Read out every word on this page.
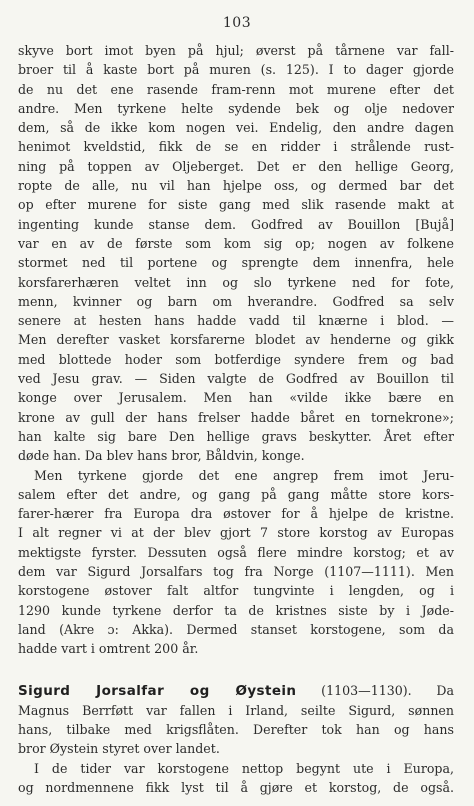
103
skyve bort imot byen på hjul; øverst på tårnene var fall-
broer til å kaste bort på muren (s. 125). I to dager gjorde
de nu det ene rasende fram-renn mot murene efter det
andre. Men tyrkene helte sydende bek og olje nedover
dem, så de ikke kom nogen vei. Endelig, den andre dagen
henimot kveldstid, fikk de se en ridder i strålende rust-
ning på toppen av Oljeberget. Det er den hellige Georg,
ropte de alle, nu vil han hjelpe oss, og dermed bar det
op efter murene for siste gang med slik rasende makt at
ingenting kunde stanse dem. Godfred av Bouillon [Bujå]
var en av de første som kom sig op; nogen av folkene
stormet ned til portene og sprengte dem innenfra, hele
korsfarerhæren veltet inn og slo tyrkene ned for fote,
menn, kvinner og barn om hverandre. Godfred sa selv
senere at hesten hans hadde vadd til knærne i blod. —
Men derefter vasket korsfarerne blodet av henderne og gikk
med blottede hoder som botferdige syndere frem og bad
ved Jesu grav. — Siden valgte de Godfred av Bouillon til
konge over Jerusalem. Men han «vilde ikke bære en
krone av gull der hans frelser hadde båret en tornekrone»;
han kalte sig bare Den hellige gravs beskytter. Året efter
døde han. Da blev hans bror, Båldvin, konge.
Men tyrkene gjorde det ene angrep frem imot Jeru-
salem efter det andre, og gang på gang måtte store kors-
farer-hærer fra Europa dra østover for å hjelpe de kristne.
I alt regner vi at der blev gjort 7 store korstog av Europas
mektigste fyrster. Dessuten også flere mindre korstog; et av
dem var Sigurd Jorsalfars tog fra Norge (1107—1111). Men
korstogene østover falt altfor tungvinte i lengden, og i
1290 kunde tyrkene derfor ta de kristnes siste by i Jøde-
land (Akre ɔ: Akka). Dermed stanset korstogene, som da
hadde vart i omtrent 200 år.
Sigurd Jorsalfar og Øystein (1103—1130). Da
Magnus Berrføtt var fallen i Irland, seilte Sigurd, sønnen
hans, tilbake med krigsflåten. Derefter tok han og hans
bror Øystein styret over landet.
I de tider var korstogene nettop begynt ute i Europa,
og nordmennene fikk lyst til å gjøre et korstog, de også.
